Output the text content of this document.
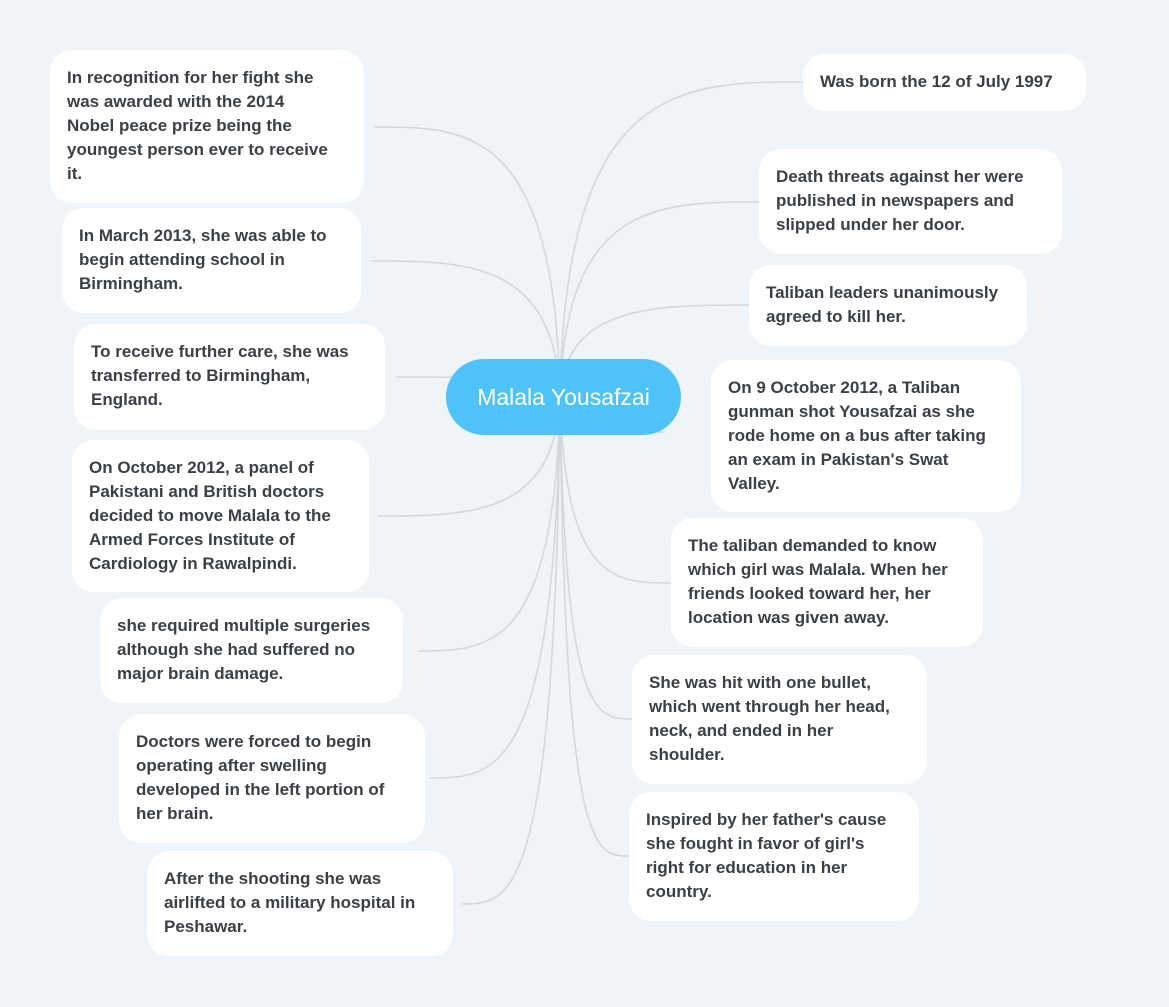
In recognition for her fight she
was awarded with the 2014
Nobel peace prize being the
youngest person ever to receive
it.
In March 2013, she was able to
begin attending school in
Birmingham.
To receive further care, she was
transferred to Birmingham,
England.
On October 2012, a panel of
Pakistani and British doctors
decided to move Malala to the
Armed Forces Institute of
Cardiology in Rawalpindi.
she required multiple surgeries
although she had suffered no
major brain damage.
Doctors were forced to begin
operating after swelling
developed in the left portion of
her brain.
After the shooting she was
airlifted to a military hospital in
Peshawar.
Was born the 12 of July 1997
Death threats against her were
published in newspapers and
slipped under her door.
Taliban leaders unanimously
agreed to kill her.
On 9 October 2012, a Taliban
gunman shot Yousafzai as she
rode home on a bus after taking
an exam in Pakistan's Swat
Valley.
The taliban demanded to know
which girl was Malala. When her
friends looked toward her, her
location was given away.
She was hit with one bullet,
which went through her head,
neck, and ended in her
shoulder.
Inspired by her father's cause
she fought in favor of girl's
right for education in her
country.
Malala Yousafzai
